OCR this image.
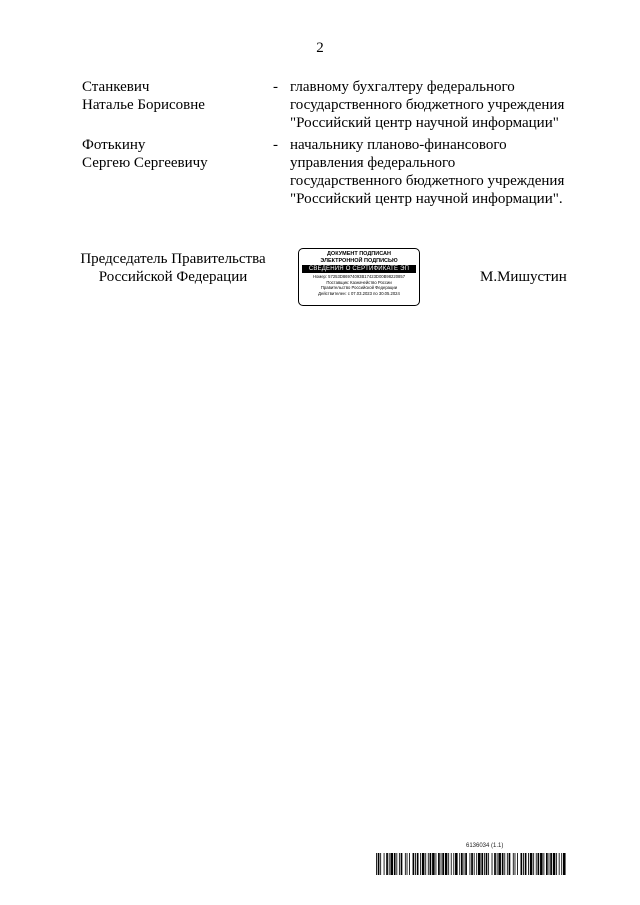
2
Станкевич
Наталье Борисовне
- главному бухгалтеру федерального
государственного бюджетного учреждения
"Российский центр научной информации"
Фотькину
Сергею Сергеевичу
- начальнику планово-финансового
управления федерального
государственного бюджетного учреждения
"Российский центр научной информации".
Председатель Правительства
Российской Федерации
ДОКУМЕНТ ПОДПИСАН
ЭЛЕКТРОННОЙ ПОДПИСЬЮ
СВЕДЕНИЯ О СЕРТИФИКАТЕ ЭП
Номер: 57253D86974093B17423D00B98220857
Поставщик: Казначейство России
Правительство Российской Федерации
Действителен: с 07.03.2023 по 30.05.2024
М.Мишустин
6136034 (1.1)
